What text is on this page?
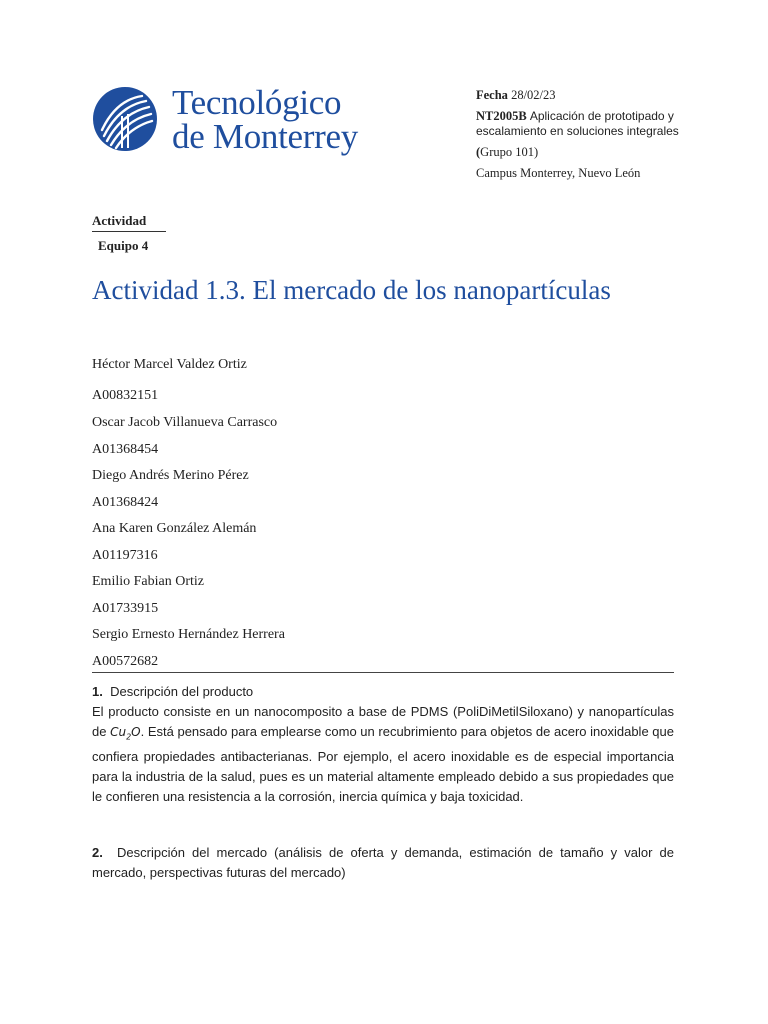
Tecnológico
de Monterrey

Fecha 28/02/23

NT2005B Aplicación de prototipado y escalamiento en soluciones integrales

(Grupo 101)

Campus Monterrey, Nuevo León

Actividad
Equipo 4
Actividad 1.3. El mercado de los nanopartículas
Héctor Marcel Valdez Ortiz
A00832151
Oscar Jacob Villanueva Carrasco
A01368454
Diego Andrés Merino Pérez
A01368424
Ana Karen González Alemán
A01197316
Emilio Fabian Ortiz
A01733915
Sergio Ernesto Hernández Herrera
A00572682
1. Descripción del producto
El producto consiste en un nanocomposito a base de PDMS (PoliDiMetilSiloxano) y nanopartículas de $Cu_2O$. Está pensado para emplearse como un recubrimiento para objetos de acero inoxidable que confiera propiedades antibacterianas. Por ejemplo, el acero inoxidable es de especial importancia para la industria de la salud, pues es un material altamente empleado debido a sus propiedades que le confieren una resistencia a la corrosión, inercia química y baja toxicidad.
2. Descripción del mercado (análisis de oferta y demanda, estimación de tamaño y valor de mercado, perspectivas futuras del mercado)
